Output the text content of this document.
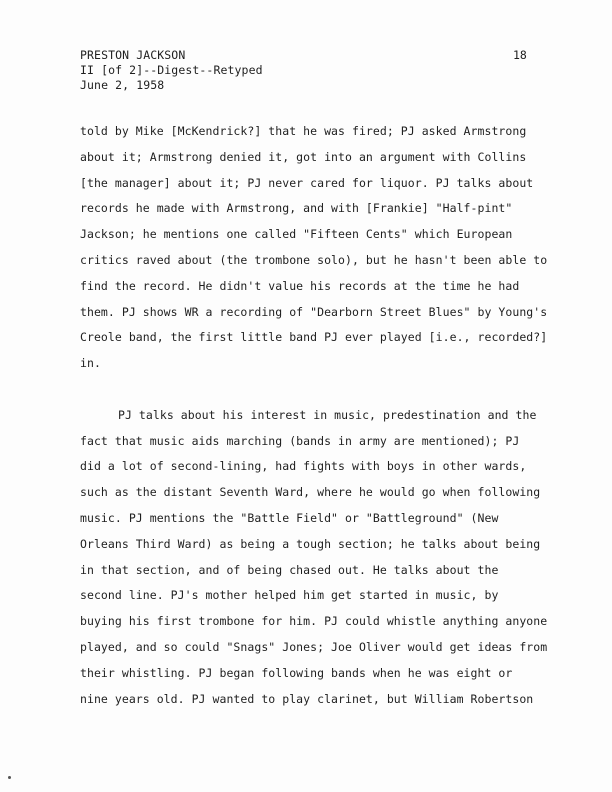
PRESTON JACKSON
II [of 2]--Digest--Retyped
June 2, 1958
18
told by Mike [McKendrick?] that he was fired; PJ asked Armstrong
about it; Armstrong denied it, got into an argument with Collins
[the manager] about it; PJ never cared for liquor. PJ talks about
records he made with Armstrong, and with [Frankie] "Half-pint"
Jackson; he mentions one called "Fifteen Cents" which European
critics raved about (the trombone solo), but he hasn't been able to
find the record. He didn't value his records at the time he had
them. PJ shows WR a recording of "Dearborn Street Blues" by Young's
Creole band, the first little band PJ ever played [i.e., recorded?]
in.
PJ talks about his interest in music, predestination and the
fact that music aids marching (bands in army are mentioned); PJ
did a lot of second-lining, had fights with boys in other wards,
such as the distant Seventh Ward, where he would go when following
music. PJ mentions the "Battle Field" or "Battleground" (New
Orleans Third Ward) as being a tough section; he talks about being
in that section, and of being chased out. He talks about the
second line. PJ's mother helped him get started in music, by
buying his first trombone for him. PJ could whistle anything anyone
played, and so could "Snags" Jones; Joe Oliver would get ideas from
their whistling. PJ began following bands when he was eight or
nine years old. PJ wanted to play clarinet, but William Robertson
